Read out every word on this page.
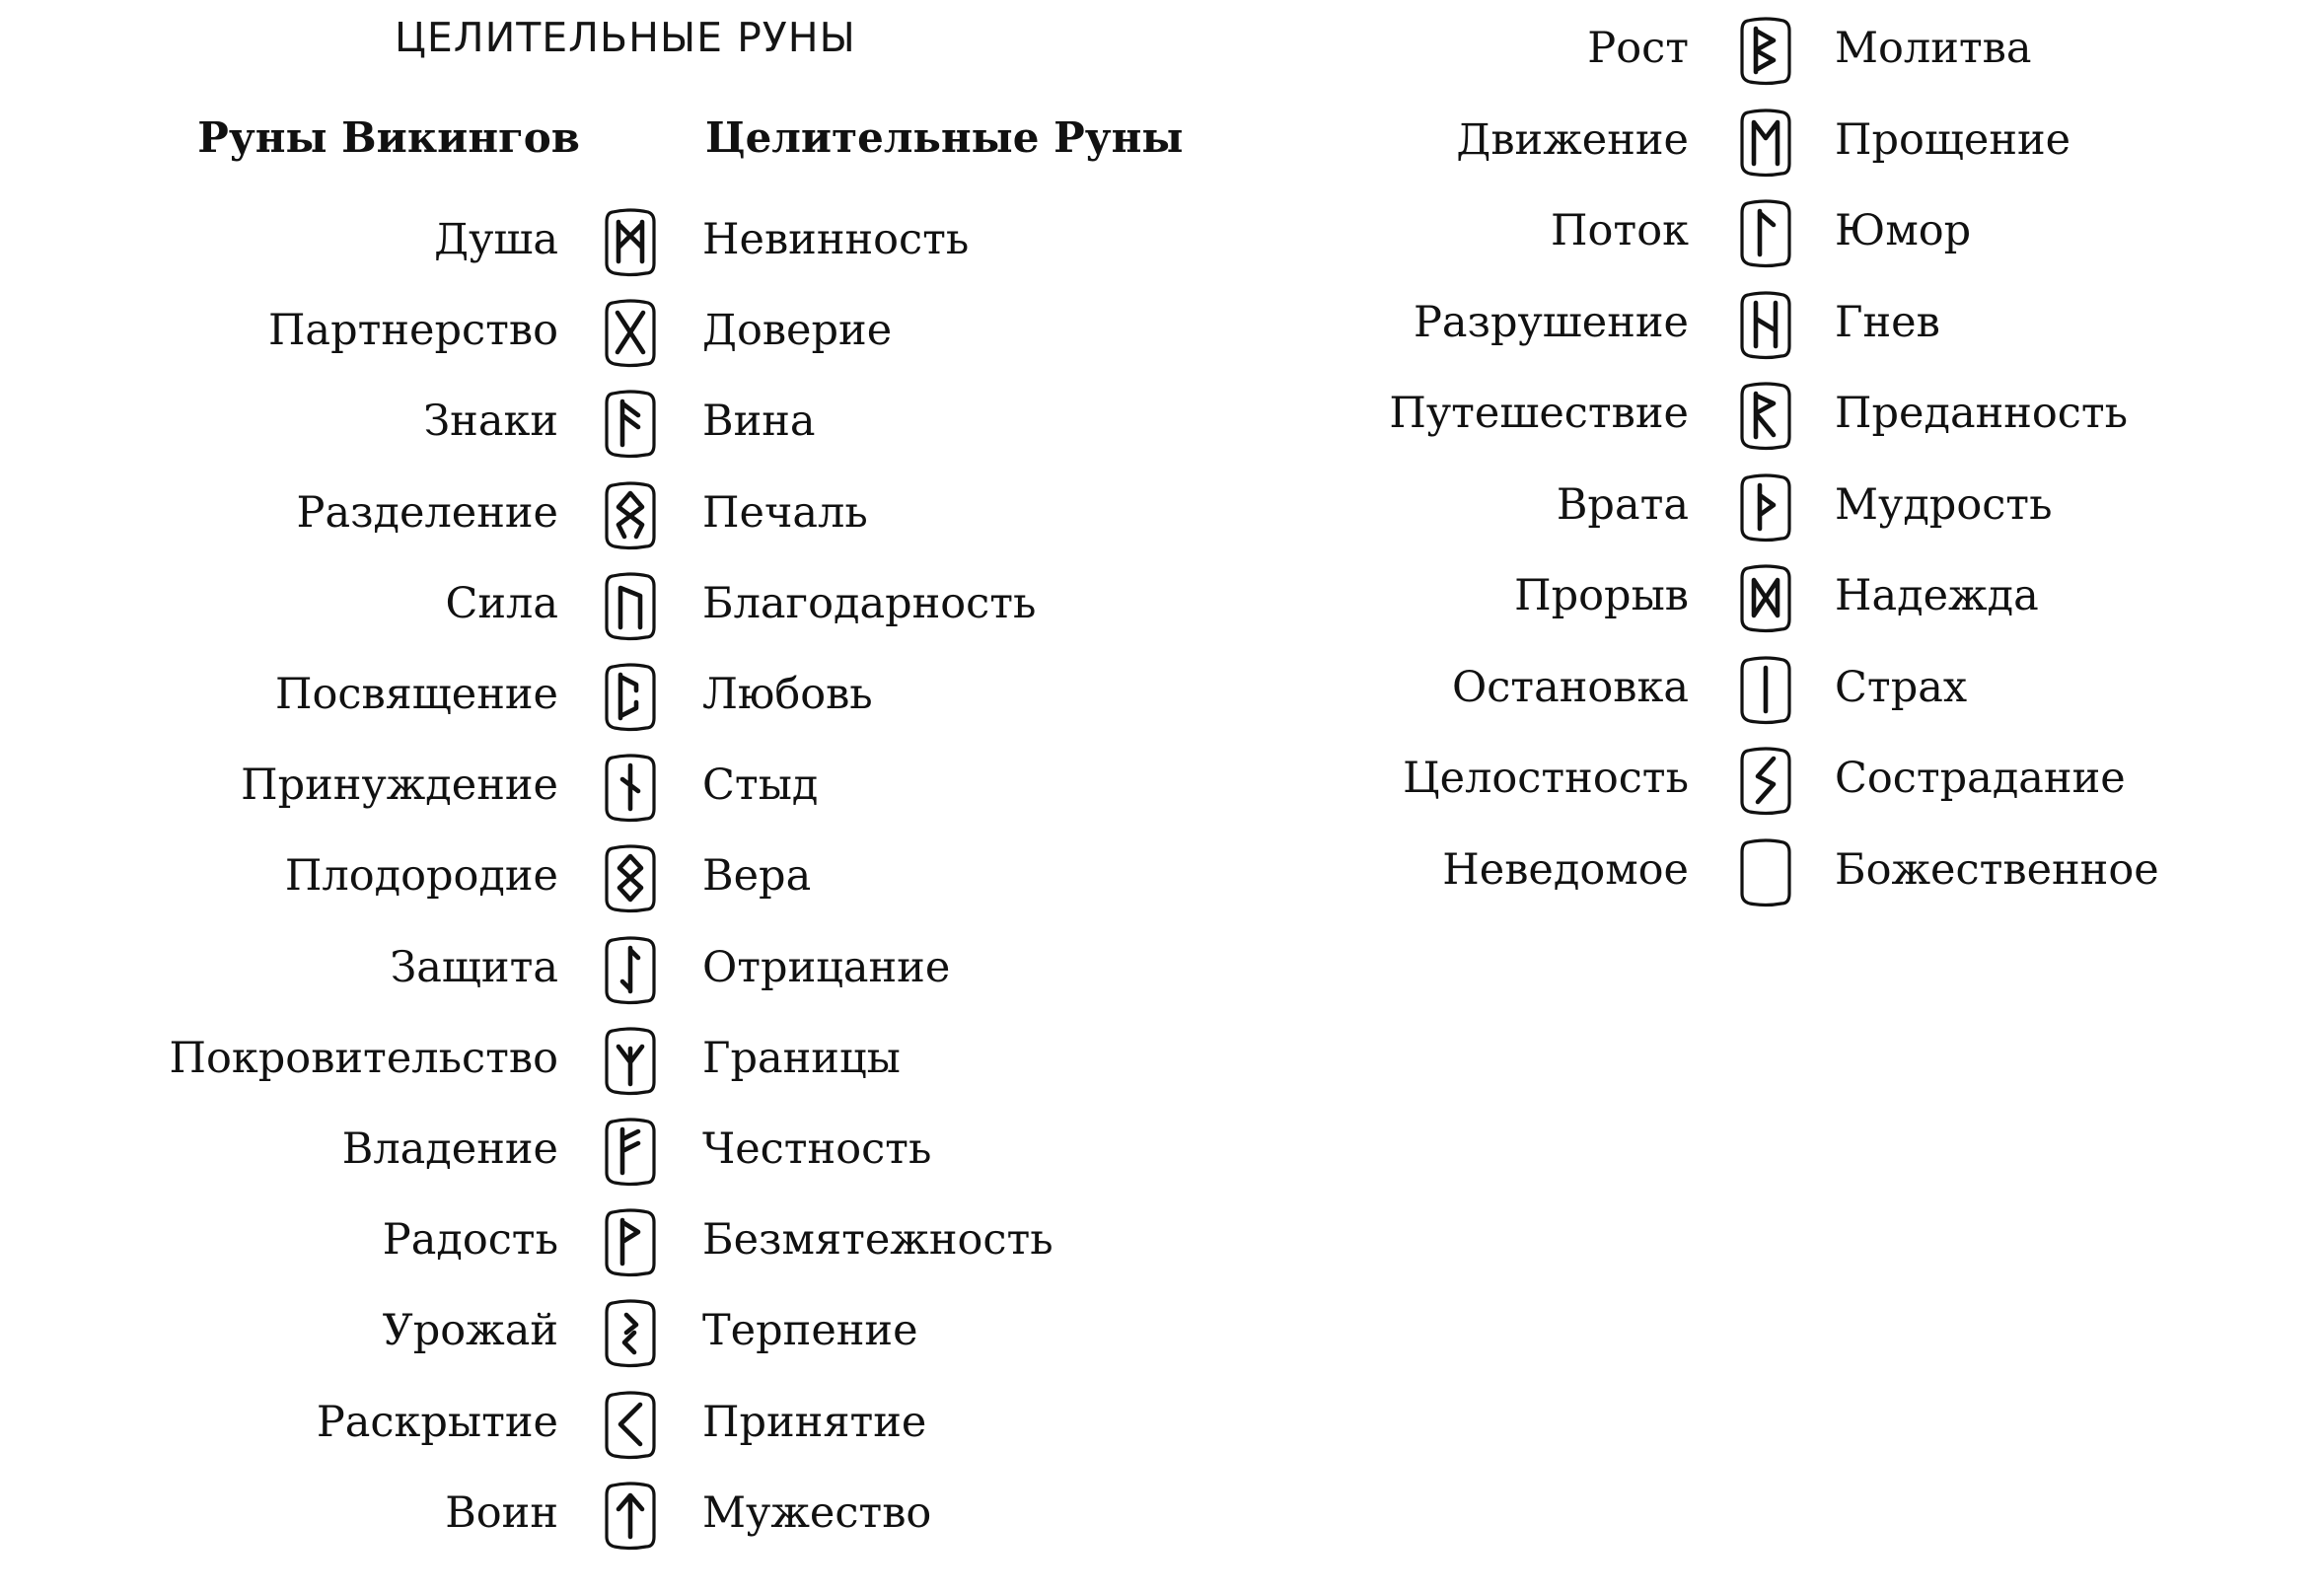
ЦЕЛИТЕЛЬНЫЕ РУНЫ
Руны Викингов	Целительные Руны
Душа	Невинность
Партнерство	Доверие
Знаки	Вина
Разделение	Печаль
Сила	Благодарность
Посвящение	Любовь
Принуждение	Стыд
Плодородие	Вера
Защита	Отрицание
Покровительство	Границы
Владение	Честность
Радость	Безмятежность
Урожай	Терпение
Раскрытие	Принятие
Воин	Мужество
Рост	Молитва
Движение	Прощение
Поток	Юмор
Разрушение	Гнев
Путешествие	Преданность
Врата	Мудрость
Прорыв	Надежда
Остановка	Страх
Целостность	Сострадание
Неведомое	Божественное
